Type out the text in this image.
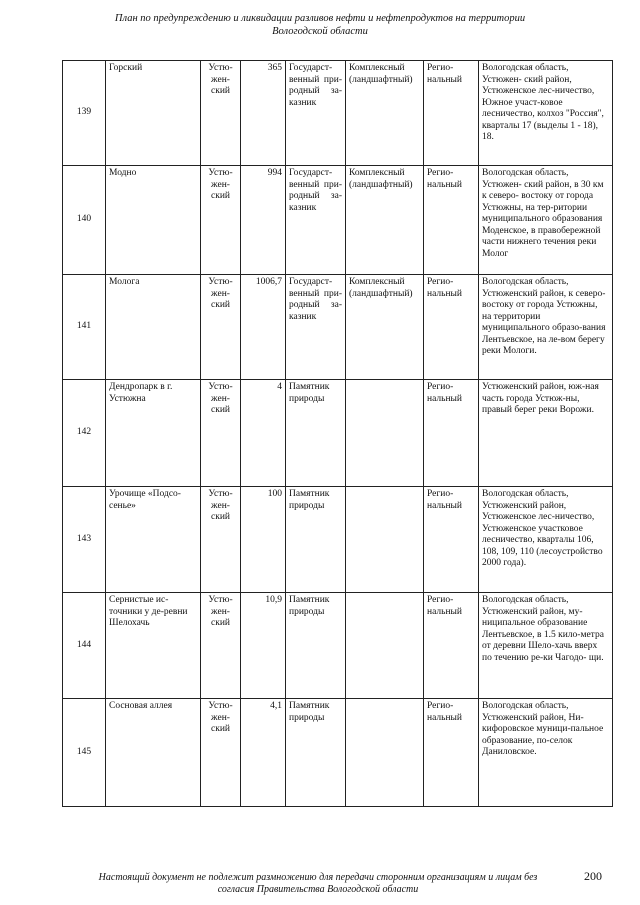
План по предупреждению и ликвидации разливов нефти и нефтепродуктов на территории
Вологодской области
139	Горский	Устю-жен-ский	365	Государст-венный при-родный за-казник	Комплексный (ландшафтный)	Регио-нальный	Вологодская область, Устюжен- ский район, Устюженское лес-ничество, Южное участ-ковое лесничество, колхоз "Россия", кварталы 17 (выделы 1 - 18), 18.
140	Модно	Устю-жен-ский	994	Государст-венный при-родный за-казник	Комплексный (ландшафтный)	Регио-нальный	Вологодская область, Устюжен- ский район, в 30 км к северо- востоку от города Устюжны, на тер-ритории муниципального образования Моденское, в правобережной части нижнего течения реки Молог
141	Молога	Устю-жен-ский	1006,7	Государст-венный при-родный за-казник	Комплексный (ландшафтный)	Регио-нальный	Вологодская область, Устюженский район, к северо-востоку от города Устюжны, на территории муниципального образо-вания Лентьевское, на ле-вом берегу реки Мологи.
142	Дендропарк в г. Устюжна	Устю-жен-ский	4	Памятник природы		Регио-нальный	Устюженский район, юж-ная часть города Устюж-ны, правый берег реки Ворожи.
143	Урочище «Подсо- сенье»	Устю-жен-ский	100	Памятник природы		Регио-нальный	Вологодская область, Устюженский район, Устюженское лес-ничество, Устюженское участковое лесничество, кварталы 106, 108, 109, 110 (лесоустройство 2000 года).
144	Сернистые ис-точники у де-ревни Шелохачь	Устю-жен-ский	10,9	Памятник природы		Регио-нальный	Вологодская область, Устюженский район, му-ниципальное образование Лентьевское, в 1.5 кило-метра от деревни Шело-хачь вверх по течению ре-ки Чагодо- щи.
145	Сосновая аллея	Устю-жен-ский	4,1	Памятник природы		Регио-нальный	Вологодская область, Устюженский район, Ни-кифоровское муници-пальное образование, по-селок Даниловское.
Настоящий документ не подлежит размножению для передачи сторонним организациям и лицам без
согласия Правительства Вологодской области
200
